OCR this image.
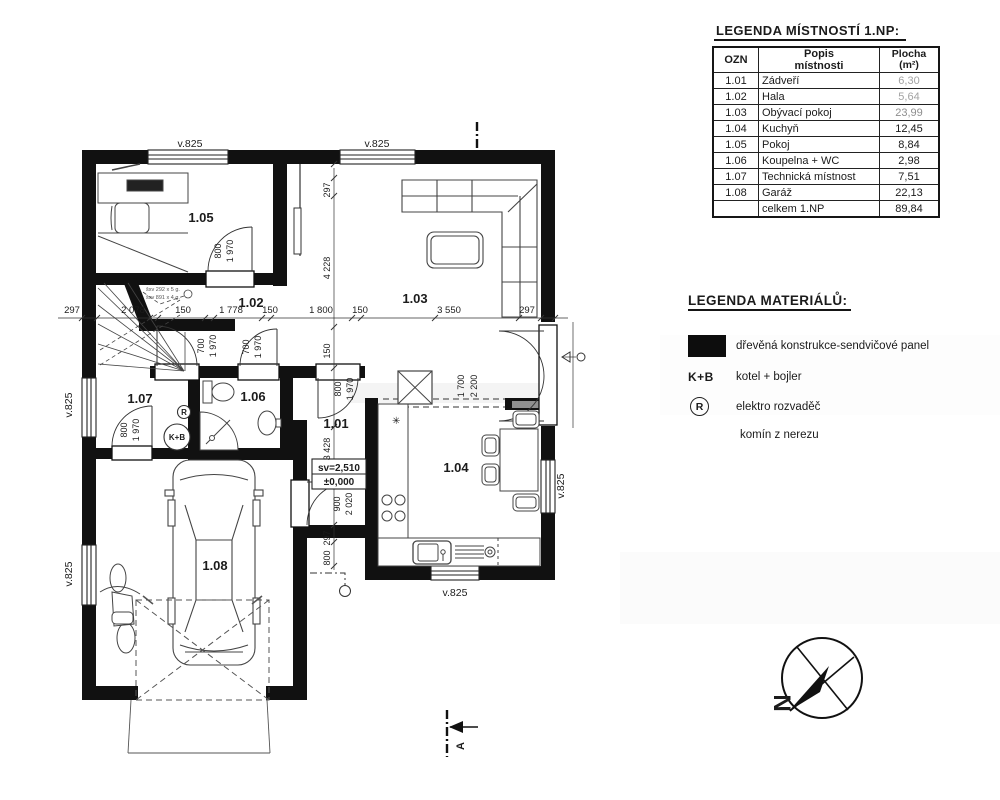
R
K+B
✳
1.05
1.02	1.03
1.04
1.07	1.06
1.01
1.08
v.825	v.825
v.825
v.825
v.825
v.825
297	2 078	150	1 778 150	1 800 150	3 550	297
297
4 228
150
3 428
297
800
800 1 970
700 1 970	700 1 970
800 1 970
800 1 970
900 2 020
1 700 2 200
sv=2,510
±0,000
šxv 292 x 5 g.
šxv 891 x 4 g.
A
N
LEGENDA MÍSTNOSTÍ 1.NP:
OZN	
Popis
místnosti

Plocha
(m²)

1.01	Zádveří	6,30
1.02	Hala	5,64
1.03	Obývací pokoj	23,99
1.04	Kuchyň	12,45
1.05	Pokoj	8,84
1.06	Koupelna + WC	2,98
1.07	Technická místnost	7,51
1.08	Garáž	22,13
	celkem 1.NP	89,84
LEGENDA MATERIÁLŮ:
dřevěná konstrukce-sendvičové panel
K+B kotel + bojler
R	elektro rozvaděč
komín z nerezu
